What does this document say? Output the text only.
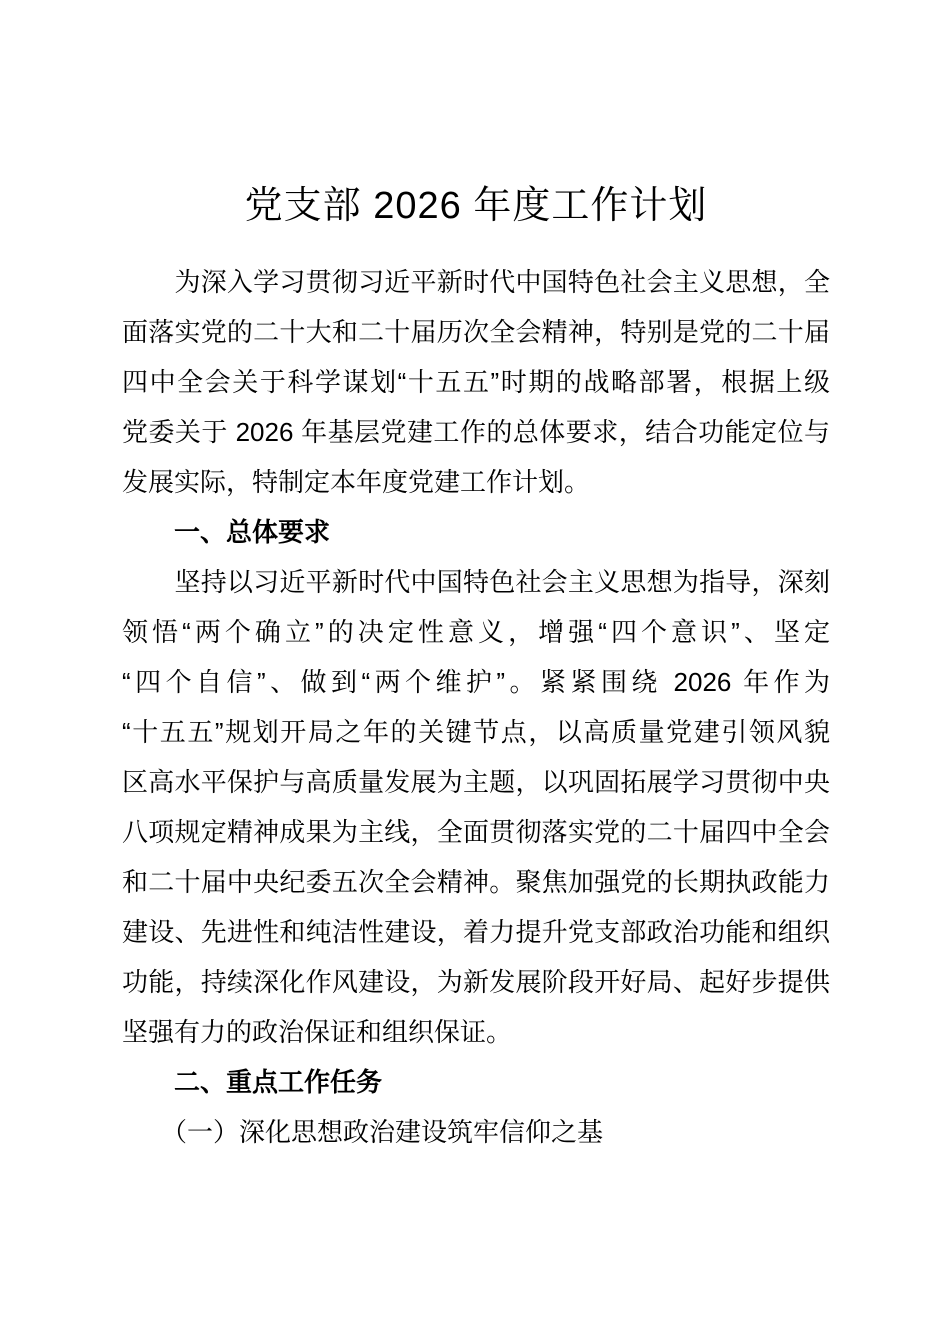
党支部 2026 年度工作计划
　　为深入学习贯彻习近平新时代中国特色社会主义思想，全
面落实党的二十大和二十届历次全会精神，特别是党的二十届
四中全会关于科学谋划“十五五”时期的战略部署，根据上级
党委关于 2026 年基层党建工作的总体要求，结合功能定位与
发展实际，特制定本年度党建工作计划。
　　一、总体要求
　　坚持以习近平新时代中国特色社会主义思想为指导，深刻
领悟“两个确立”的决定性意义，增强“四个意识”、坚定
“四个自信”、做到“两个维护”。紧紧围绕 2026 年作为
“十五五”规划开局之年的关键节点，以高质量党建引领风貌
区高水平保护与高质量发展为主题，以巩固拓展学习贯彻中央
八项规定精神成果为主线，全面贯彻落实党的二十届四中全会
和二十届中央纪委五次全会精神。聚焦加强党的长期执政能力
建设、先进性和纯洁性建设，着力提升党支部政治功能和组织
功能，持续深化作风建设，为新发展阶段开好局、起好步提供
坚强有力的政治保证和组织保证。
　　二、重点工作任务
　　（一）深化思想政治建设筑牢信仰之基
